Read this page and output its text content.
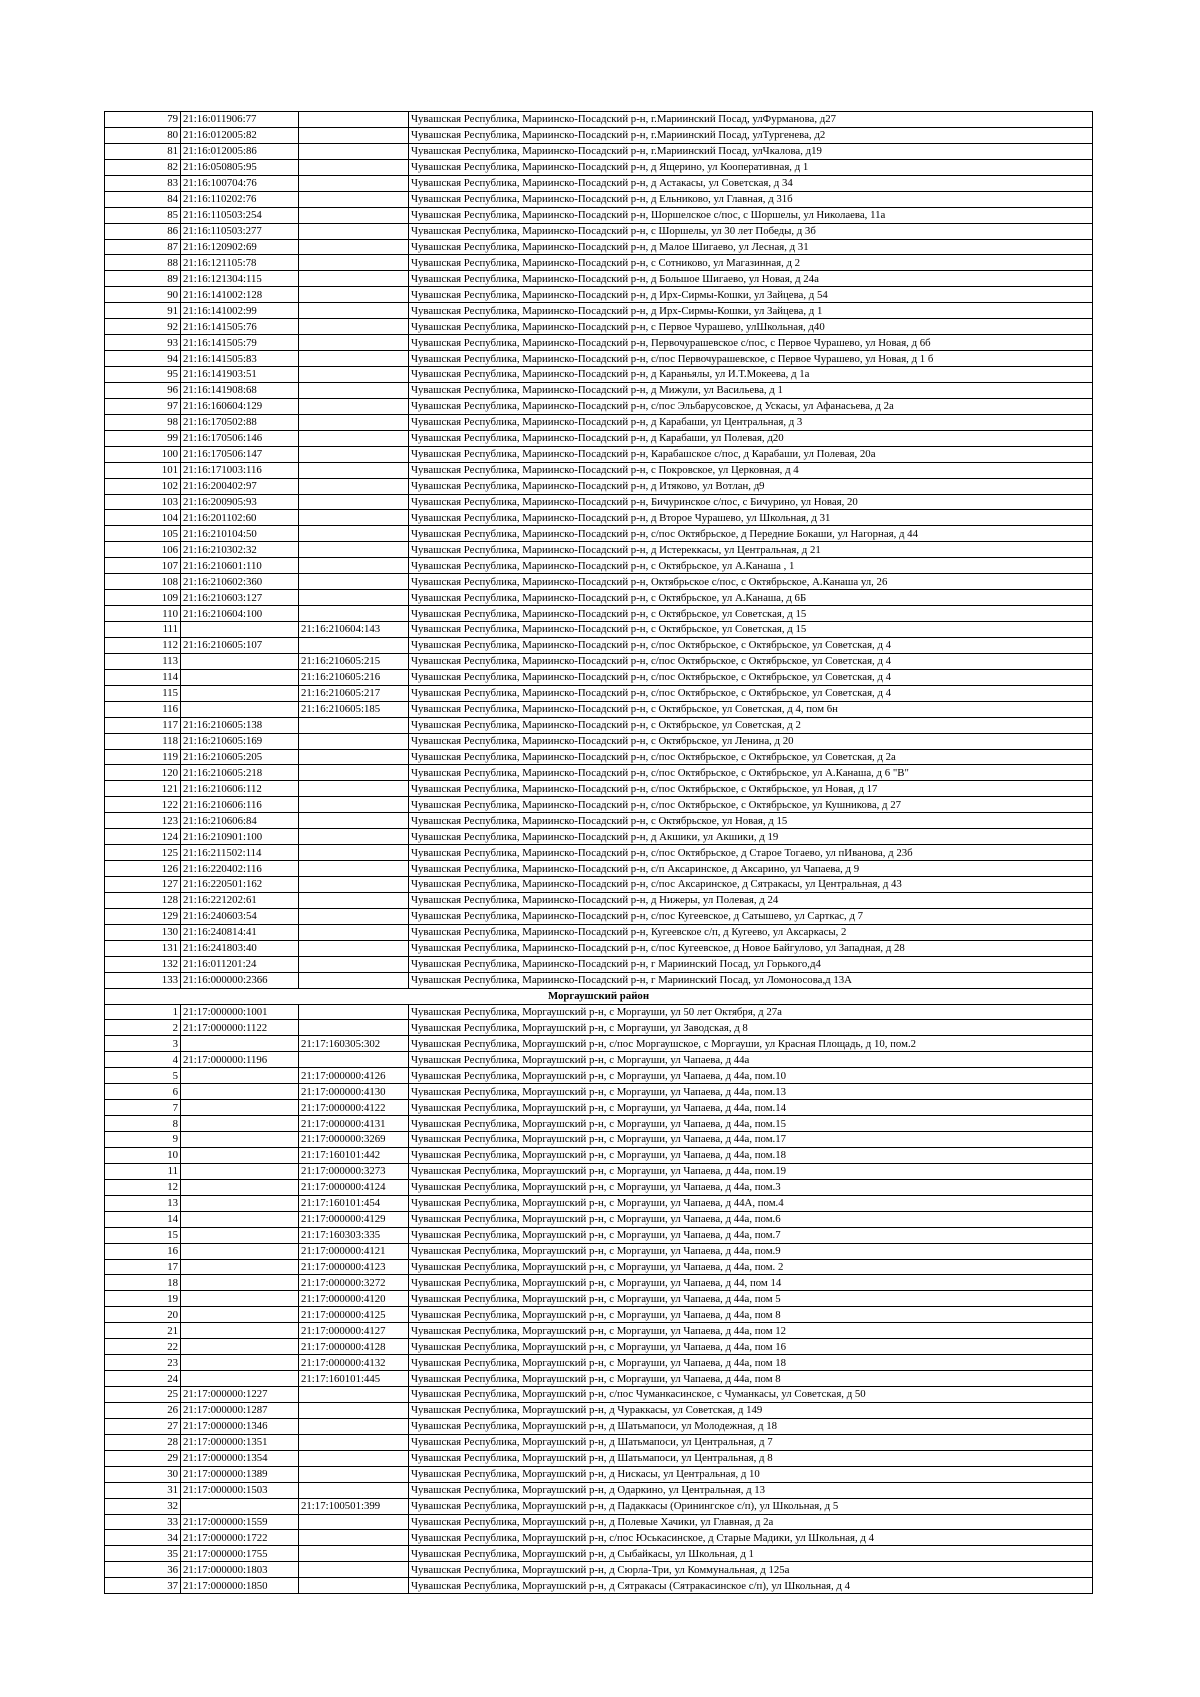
79	21:16:011906:77		Чувашская Республика, Мариинско-Посадский р-н, г.Мариинский Посад, улФурманова, д27
80	21:16:012005:82		Чувашская Республика, Мариинско-Посадский р-н, г.Мариинский Посад, улТургенева, д2
81	21:16:012005:86		Чувашская Республика, Мариинско-Посадский р-н, г.Мариинский Посад, улЧкалова, д19
82	21:16:050805:95		Чувашская Республика, Мариинско-Посадский р-н, д Ящерино, ул Кооперативная, д 1
83	21:16:100704:76		Чувашская Республика, Мариинско-Посадский р-н, д Астакасы, ул Советская, д 34
84	21:16:110202:76		Чувашская Республика, Мариинско-Посадский р-н, д Ельниково, ул Главная, д 31б
85	21:16:110503:254		Чувашская Республика, Мариинско-Посадский р-н, Шоршелское с/пос, с Шоршелы, ул Николаева, 11а
86	21:16:110503:277		Чувашская Республика, Мариинско-Посадский р-н, с Шоршелы, ул 30 лет Победы, д 3б
87	21:16:120902:69		Чувашская Республика, Мариинско-Посадский р-н, д Малое Шигаево, ул Лесная, д 31
88	21:16:121105:78		Чувашская Республика, Мариинско-Посадский р-н, с Сотниково, ул Магазинная, д 2
89	21:16:121304:115		Чувашская Республика, Мариинско-Посадский р-н, д Большое Шигаево, ул Новая, д 24а
90	21:16:141002:128		Чувашская Республика, Мариинско-Посадский р-н, д Ирх-Сирмы-Кошки, ул Зайцева, д 54
91	21:16:141002:99		Чувашская Республика, Мариинско-Посадский р-н, д Ирх-Сирмы-Кошки, ул Зайцева, д 1
92	21:16:141505:76		Чувашская Республика, Мариинско-Посадский р-н, с Первое Чурашево, улШкольная, д40
93	21:16:141505:79		Чувашская Республика, Мариинско-Посадский р-н, Первочурашевское с/пос, с Первое Чурашево, ул Новая, д 6б
94	21:16:141505:83		Чувашская Республика, Мариинско-Посадский р-н, с/пос Первочурашевское, с Первое Чурашево, ул Новая, д 1 б
95	21:16:141903:51		Чувашская Республика, Мариинско-Посадский р-н, д Караньялы, ул И.Т.Мокеева, д 1а
96	21:16:141908:68		Чувашская Республика, Мариинско-Посадский р-н, д Мижули, ул Васильева, д 1
97	21:16:160604:129		Чувашская Республика, Мариинско-Посадский р-н, с/пос Эльбарусовское, д Ускасы, ул Афанасьева, д 2а
98	21:16:170502:88		Чувашская Республика, Мариинско-Посадский р-н, д Карабаши, ул Центральная, д 3
99	21:16:170506:146		Чувашская Республика, Мариинско-Посадский р-н, д Карабаши, ул Полевая, д20
100	21:16:170506:147		Чувашская Республика, Мариинско-Посадский р-н, Карабашское с/пос, д Карабаши, ул Полевая, 20а
101	21:16:171003:116		Чувашская Республика, Мариинско-Посадский р-н, с Покровское, ул Церковная, д 4
102	21:16:200402:97		Чувашская Республика, Мариинско-Посадский р-н, д Итяково, ул Вотлан, д9
103	21:16:200905:93		Чувашская Республика, Мариинско-Посадский р-н, Бичуринское с/пос, с Бичурино, ул Новая, 20
104	21:16:201102:60		Чувашская Республика, Мариинско-Посадский р-н, д Второе Чурашево, ул Школьная, д 31
105	21:16:210104:50		Чувашская Республика, Мариинско-Посадский р-н, с/пос Октябрьское, д Передние Бокаши, ул Нагорная, д 44
106	21:16:210302:32		Чувашская Республика, Мариинско-Посадский р-н, д Истереккасы, ул Центральная, д 21
107	21:16:210601:110		Чувашская Республика, Мариинско-Посадский р-н, с Октябрьское, ул А.Канаша , 1
108	21:16:210602:360		Чувашская Республика, Мариинско-Посадский р-н, Октябрьское с/пос, с Октябрьское, А.Канаша ул, 26
109	21:16:210603:127		Чувашская Республика, Мариинско-Посадский р-н, с Октябрьское, ул А.Канаша, д 6Б
110	21:16:210604:100		Чувашская Республика, Мариинско-Посадский р-н, с Октябрьское, ул Советская, д 15
111		21:16:210604:143	Чувашская Республика, Мариинско-Посадский р-н, с Октябрьское, ул Советская, д 15
112	21:16:210605:107		Чувашская Республика, Мариинско-Посадский р-н, с/пос Октябрьское, с Октябрьское, ул Советская, д 4
113		21:16:210605:215	Чувашская Республика, Мариинско-Посадский р-н, с/пос Октябрьское, с Октябрьское, ул Советская, д 4
114		21:16:210605:216	Чувашская Республика, Мариинско-Посадский р-н, с/пос Октябрьское, с Октябрьское, ул Советская, д 4
115		21:16:210605:217	Чувашская Республика, Мариинско-Посадский р-н, с/пос Октябрьское, с Октябрьское, ул Советская, д 4
116		21:16:210605:185	Чувашская Республика, Мариинско-Посадский р-н, с Октябрьское, ул Советская, д 4, пом 6н
117	21:16:210605:138		Чувашская Республика, Мариинско-Посадский р-н, с Октябрьское, ул Советская, д 2
118	21:16:210605:169		Чувашская Республика, Мариинско-Посадский р-н, с Октябрьское, ул Ленина, д 20
119	21:16:210605:205		Чувашская Республика, Мариинско-Посадский р-н, с/пос Октябрьское, с Октябрьское, ул Советская, д 2а
120	21:16:210605:218		Чувашская Республика, Мариинско-Посадский р-н, с/пос Октябрьское, с Октябрьское, ул А.Канаша, д 6 "В"
121	21:16:210606:112		Чувашская Республика, Мариинско-Посадский р-н, с/пос Октябрьское, с Октябрьское, ул Новая, д 17
122	21:16:210606:116		Чувашская Республика, Мариинско-Посадский р-н, с/пос Октябрьское, с Октябрьское, ул Кушникова, д 27
123	21:16:210606:84		Чувашская Республика, Мариинско-Посадский р-н, с Октябрьское, ул Новая, д 15
124	21:16:210901:100		Чувашская Республика, Мариинско-Посадский р-н, д Акшики, ул Акшики, д 19
125	21:16:211502:114		Чувашская Республика, Мариинско-Посадский р-н, с/пос Октябрьское, д Старое Тогаево, ул пИванова, д 23б
126	21:16:220402:116		Чувашская Республика, Мариинско-Посадский р-н, с/п Аксаринское, д Аксарино, ул Чапаева, д 9
127	21:16:220501:162		Чувашская Республика, Мариинско-Посадский р-н, с/пос Аксаринское, д Сятракасы, ул Центральная, д 43
128	21:16:221202:61		Чувашская Республика, Мариинско-Посадский р-н, д Нижеры, ул Полевая, д 24
129	21:16:240603:54		Чувашская Республика, Мариинско-Посадский р-н, с/пос Кугеевское, д Сатышево, ул Сарткас, д 7
130	21:16:240814:41		Чувашская Республика, Мариинско-Посадский р-н, Кугеевское с/п, д Кугеево, ул Аксаркасы, 2
131	21:16:241803:40		Чувашская Республика, Мариинско-Посадский р-н, с/пос Кугеевское, д Новое Байгулово, ул Западная, д 28
132	21:16:011201:24		Чувашская Республика, Мариинско-Посадский р-н, г Мариинский Посад, ул Горького,д4
133	21:16:000000:2366		Чувашская Республика, Мариинско-Посадский р-н, г Мариинский Посад, ул Ломоносова,д 13А
Моргаушский район			
1	21:17:000000:1001		Чувашская Республика, Моргаушский р-н, с Моргауши, ул 50 лет Октября, д 27а
2	21:17:000000:1122		Чувашская Республика, Моргаушский р-н, с Моргауши, ул Заводская, д 8
3		21:17:160305:302	Чувашская Республика, Моргаушский р-н, с/пос Моргаушское, с Моргауши, ул Красная Площадь, д 10, пом.2
4	21:17:000000:1196		Чувашская Республика, Моргаушский р-н, с Моргауши, ул Чапаева, д 44а
5		21:17:000000:4126	Чувашская Республика, Моргаушский р-н, с Моргауши, ул Чапаева, д 44а, пом.10
6		21:17:000000:4130	Чувашская Республика, Моргаушский р-н, с Моргауши, ул Чапаева, д 44а, пом.13
7		21:17:000000:4122	Чувашская Республика, Моргаушский р-н, с Моргауши, ул Чапаева, д 44а, пом.14
8		21:17:000000:4131	Чувашская Республика, Моргаушский р-н, с Моргауши, ул Чапаева, д 44а, пом.15
9		21:17:000000:3269	Чувашская Республика, Моргаушский р-н, с Моргауши, ул Чапаева, д 44а, пом.17
10		21:17:160101:442	Чувашская Республика, Моргаушский р-н, с Моргауши, ул Чапаева, д 44а, пом.18
11		21:17:000000:3273	Чувашская Республика, Моргаушский р-н, с Моргауши, ул Чапаева, д 44а, пом.19
12		21:17:000000:4124	Чувашская Республика, Моргаушский р-н, с Моргауши, ул Чапаева, д 44а, пом.3
13		21:17:160101:454	Чувашская Республика, Моргаушский р-н, с Моргауши, ул Чапаева, д 44А, пом.4
14		21:17:000000:4129	Чувашская Республика, Моргаушский р-н, с Моргауши, ул Чапаева, д 44а, пом.6
15		21:17:160303:335	Чувашская Республика, Моргаушский р-н, с Моргауши, ул Чапаева, д 44а, пом.7
16		21:17:000000:4121	Чувашская Республика, Моргаушский р-н, с Моргауши, ул Чапаева, д 44а, пом.9
17		21:17:000000:4123	Чувашская Республика, Моргаушский р-н, с Моргауши, ул Чапаева, д 44а, пом. 2
18		21:17:000000:3272	Чувашская Республика, Моргаушский р-н, с Моргауши, ул Чапаева, д 44, пом 14
19		21:17:000000:4120	Чувашская Республика, Моргаушский р-н, с Моргауши, ул Чапаева, д 44а, пом 5
20		21:17:000000:4125	Чувашская Республика, Моргаушский р-н, с Моргауши, ул Чапаева, д 44а, пом 8
21		21:17:000000:4127	Чувашская Республика, Моргаушский р-н, с Моргауши, ул Чапаева, д 44а, пом 12
22		21:17:000000:4128	Чувашская Республика, Моргаушский р-н, с Моргауши, ул Чапаева, д 44а, пом 16
23		21:17:000000:4132	Чувашская Республика, Моргаушский р-н, с Моргауши, ул Чапаева, д 44а, пом 18
24		21:17:160101:445	Чувашская Республика, Моргаушский р-н, с Моргауши, ул Чапаева, д 44а, пом 8
25	21:17:000000:1227		Чувашская Республика, Моргаушский р-н, с/пос Чуманкасинское, с Чуманкасы, ул Советская, д 50
26	21:17:000000:1287		Чувашская Республика, Моргаушский р-н, д Чураккасы, ул Советская, д 149
27	21:17:000000:1346		Чувашская Республика, Моргаушский р-н, д Шатьмапоси, ул Молодежная, д 18
28	21:17:000000:1351		Чувашская Республика, Моргаушский р-н, д Шатьмапоси, ул Центральная, д 7
29	21:17:000000:1354		Чувашская Республика, Моргаушский р-н, д Шатьмапоси, ул Центральная, д 8
30	21:17:000000:1389		Чувашская Республика, Моргаушский р-н, д Нискасы, ул Центральная, д 10
31	21:17:000000:1503		Чувашская Республика, Моргаушский р-н, д Одаркино, ул Центральная, д 13
32		21:17:100501:399	Чувашская Республика, Моргаушский р-н, д Падаккасы (Оринингское с/п), ул Школьная, д 5
33	21:17:000000:1559		Чувашская Республика, Моргаушский р-н, д Полевые Хачики, ул Главная, д 2а
34	21:17:000000:1722		Чувашская Республика, Моргаушский р-н, с/пос Юськасинское, д Старые Мадики, ул Школьная, д 4
35	21:17:000000:1755		Чувашская Республика, Моргаушский р-н, д Сыбайкасы, ул Школьная, д 1
36	21:17:000000:1803		Чувашская Республика, Моргаушский р-н, д Сюрла-Три, ул Коммунальная, д 125а
37	21:17:000000:1850		Чувашская Республика, Моргаушский р-н, д Сятракасы (Сятракасинское с/п), ул Школьная, д 4
